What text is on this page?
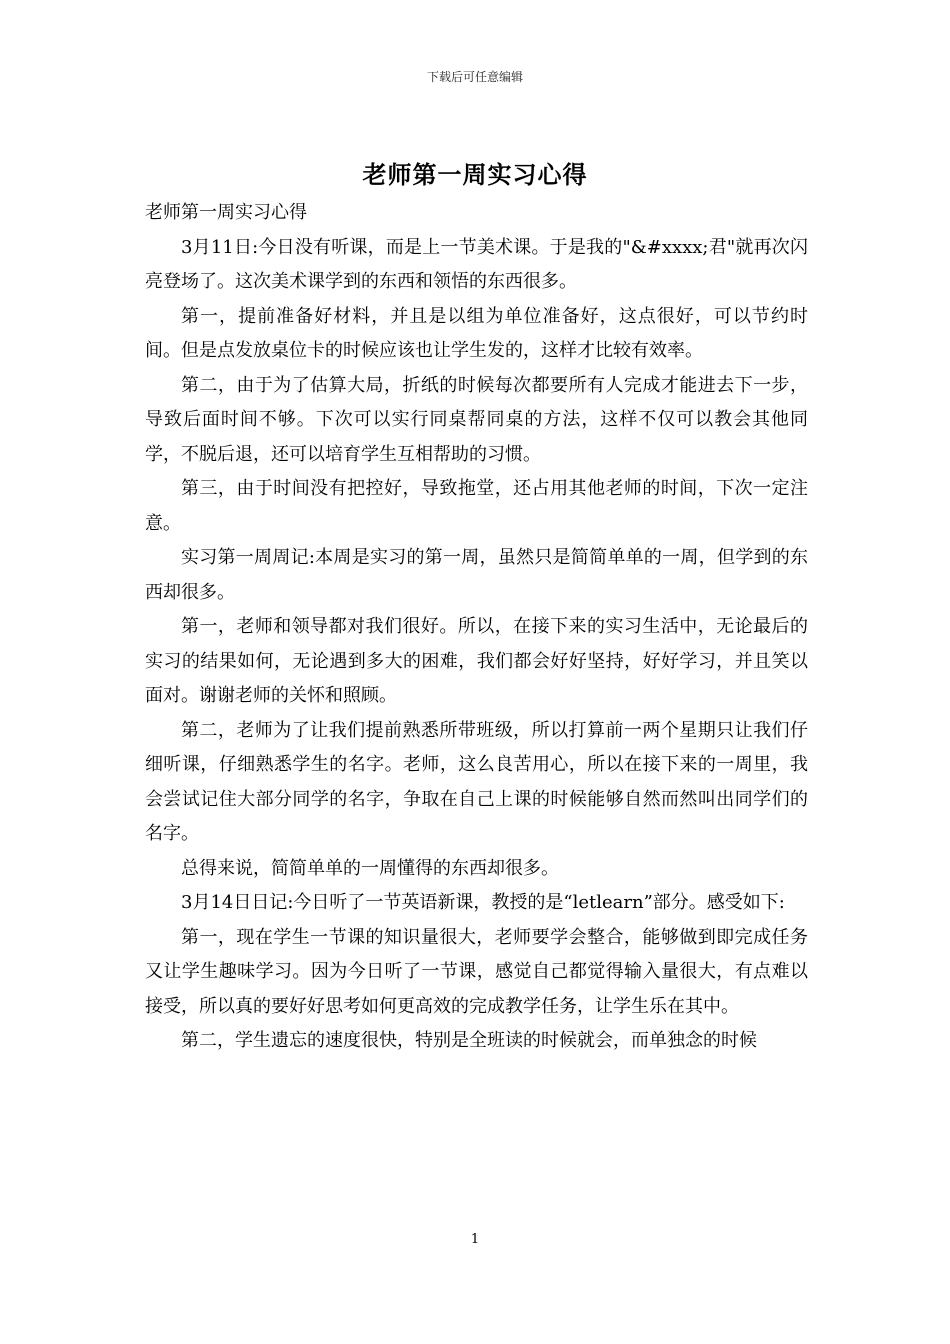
下载后可任意编辑
老师第一周实习心得

老师第一周实习心得

3月11日:今日没有听课，而是上一节美术课。于是我的"&#xxxx;君"就再次闪亮登场了。这次美术课学到的东西和领悟的东西很多。

第一，提前准备好材料，并且是以组为单位准备好，这点很好，可以节约时间。但是点发放桌位卡的时候应该也让学生发的，这样才比较有效率。

第二，由于为了估算大局，折纸的时候每次都要所有人完成才能进去下一步，导致后面时间不够。下次可以实行同桌帮同桌的方法，这样不仅可以教会其他同学，不脱后退，还可以培育学生互相帮助的习惯。

第三，由于时间没有把控好，导致拖堂，还占用其他老师的时间，下次一定注意。

实习第一周周记:本周是实习的第一周，虽然只是简简单单的一周，但学到的东西却很多。

第一，老师和领导都对我们很好。所以，在接下来的实习生活中，无论最后的实习的结果如何，无论遇到多大的困难，我们都会好好坚持，好好学习，并且笑以面对。谢谢老师的关怀和照顾。

第二，老师为了让我们提前熟悉所带班级，所以打算前一两个星期只让我们仔细听课，仔细熟悉学生的名字。老师，这么良苦用心，所以在接下来的一周里，我会尝试记住大部分同学的名字，争取在自己上课的时候能够自然而然叫出同学们的名字。

总得来说，简简单单的一周懂得的东西却很多。

3月14日日记:今日听了一节英语新课，教授的是“letlearn”部分。感受如下:

第一，现在学生一节课的知识量很大，老师要学会整合，能够做到即完成任务又让学生趣味学习。因为今日听了一节课，感觉自己都觉得输入量很大，有点难以接受，所以真的要好好思考如何更高效的完成教学任务，让学生乐在其中。

第二，学生遗忘的速度很快，特别是全班读的时候就会，而单独念的时候

1
